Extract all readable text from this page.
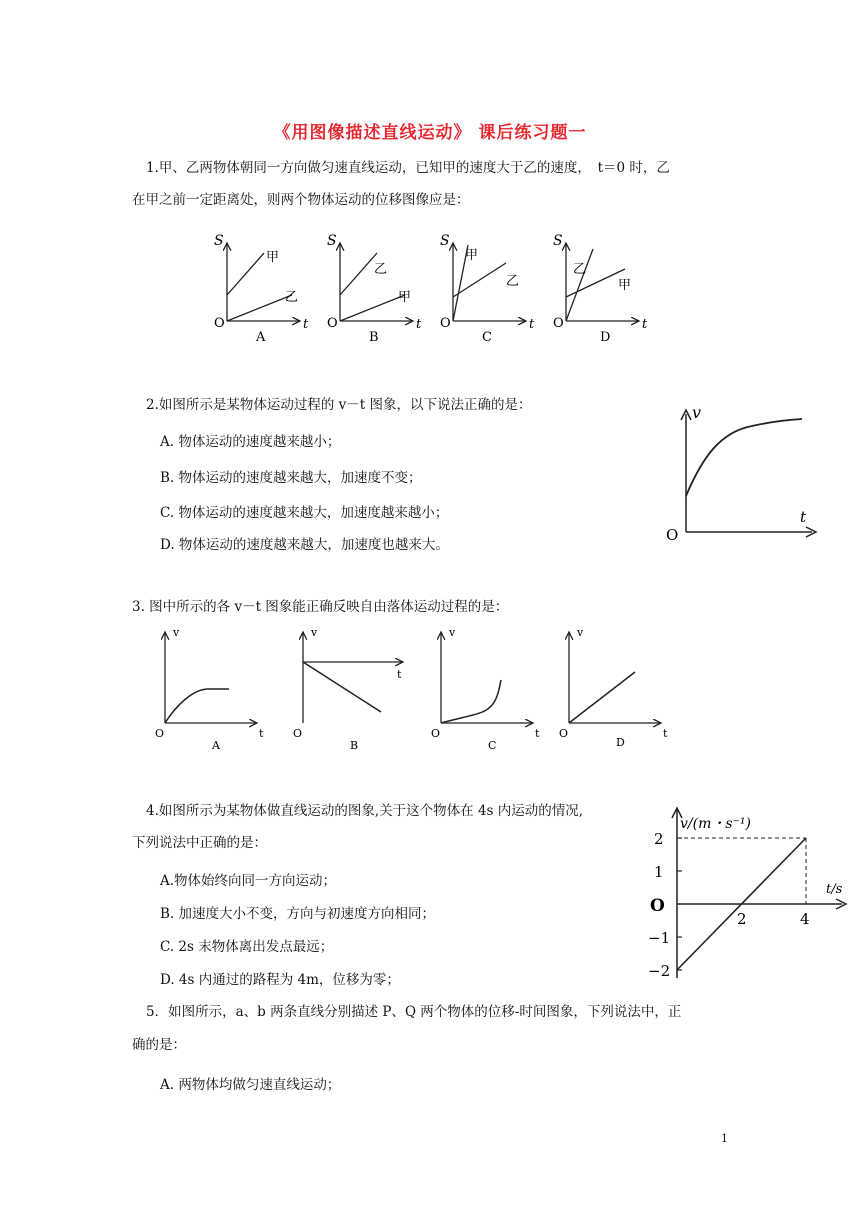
《用图像描述直线运动》 课后练习题一
1.甲、乙两物体朝同一方向做匀速直线运动，已知甲的速度大于乙的速度，　t＝0 时，乙
在甲之前一定距离处，则两个物体运动的位移图像应是：
S
t
O
甲
乙
A
S
t
O
乙
甲
B
S
t
O
甲
乙
C
S
t
O
乙
甲
D
2.如图所示是某物体运动过程的 v－t 图象，以下说法正确的是：
A. 物体运动的速度越来越小；
B. 物体运动的速度越来越大，加速度不变；
C. 物体运动的速度越来越大，加速度越来越小；
D. 物体运动的速度越来越大，加速度也越来大。
v
t
O
3. 图中所示的各 v－t 图象能正确反映自由落体运动过程的是：
v
t
O
A
v
t
O
B
v
t
O
C
v
t
O
D
4.如图所示为某物体做直线运动的图象,关于这个物体在 4s 内运动的情况,
下列说法中正确的是：
A.物体始终向同一方向运动；
B. 加速度大小不变，方向与初速度方向相同；
C. 2s 末物体离出发点最远；
D. 4s 内通过的路程为 4m，位移为零；
v/(m・s⁻¹)
t/s
2
1
−1
−2
O
2	4
5．如图所示，a、b 两条直线分别描述 P、Q 两个物体的位移-时间图象，下列说法中，正
确的是：
A. 两物体均做匀速直线运动；
1
